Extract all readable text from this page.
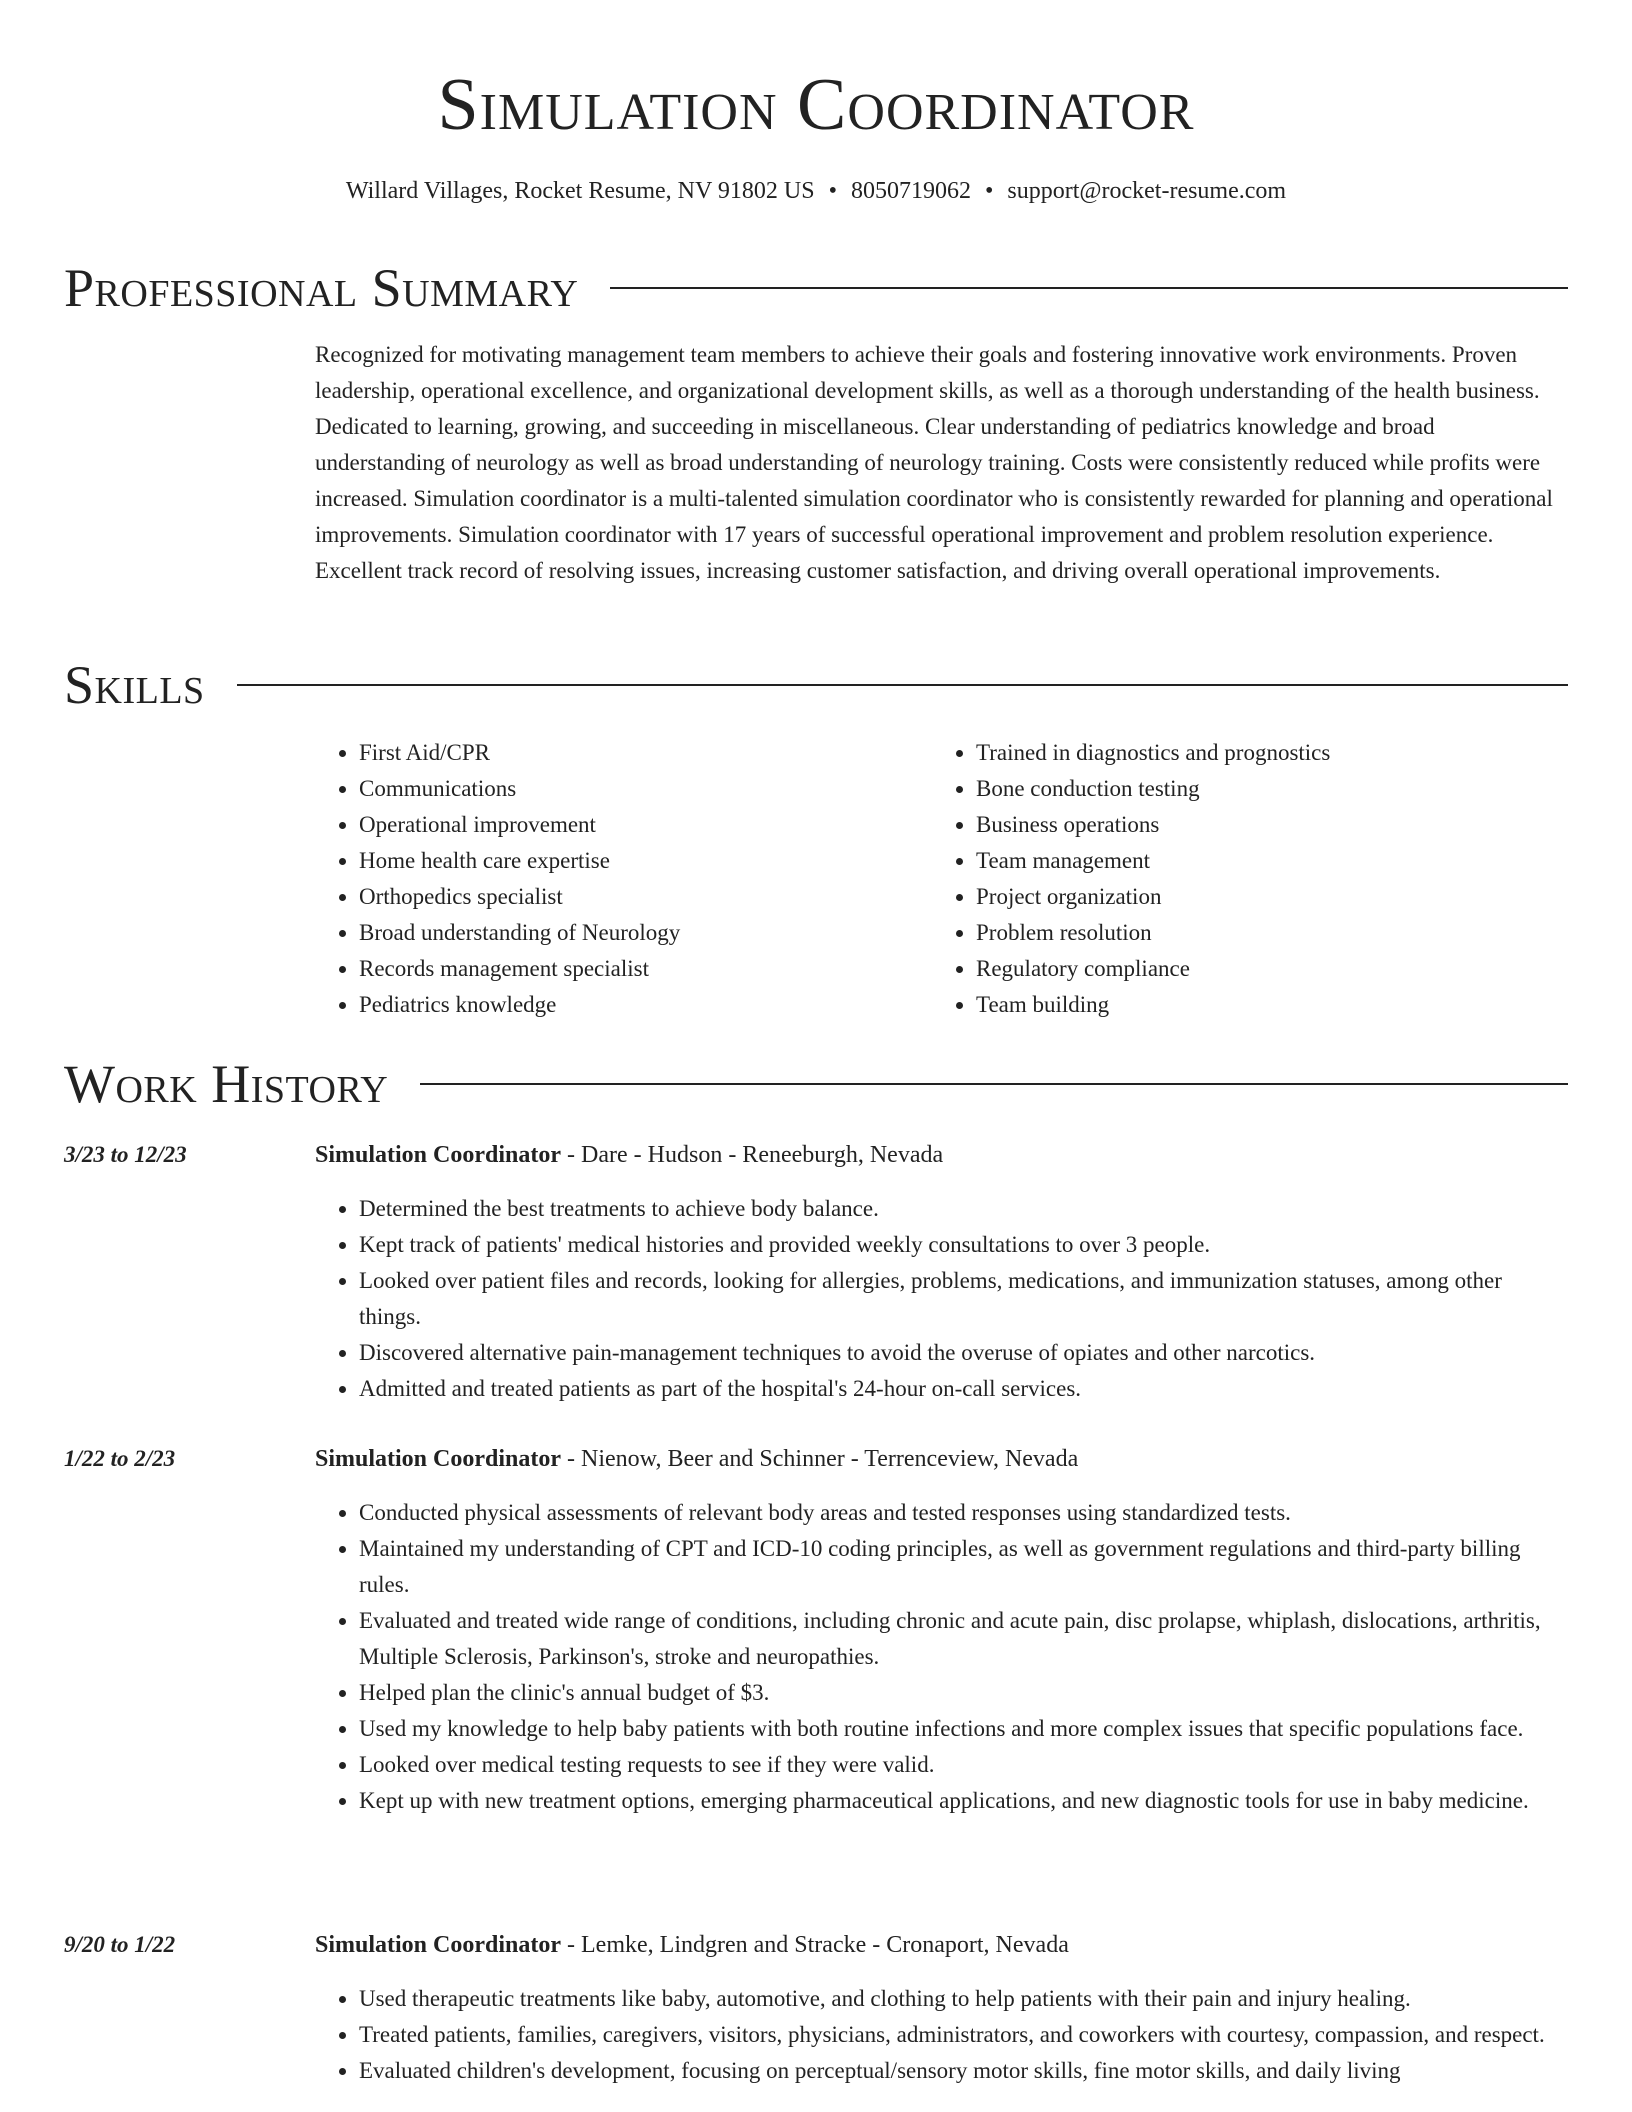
Simulation Coordinator
Willard Villages, Rocket Resume, NV 91802 US • 8050719062 • support@rocket-resume.com
Professional Summary

Recognized for motivating management team members to achieve their goals and fostering innovative work environments. Proven leadership, operational excellence, and organizational development skills, as well as a thorough understanding of the health business. Dedicated to learning, growing, and succeeding in miscellaneous. Clear understanding of pediatrics knowledge and broad understanding of neurology as well as broad understanding of neurology training. Costs were consistently reduced while profits were increased. Simulation coordinator is a multi-talented simulation coordinator who is consistently rewarded for planning and operational improvements. Simulation coordinator with 17 years of successful operational improvement and problem resolution experience. Excellent track record of resolving issues, increasing customer satisfaction, and driving overall operational improvements.

Skills
• First Aid/CPR
• Communications
• Operational improvement
• Home health care expertise
• Orthopedics specialist
• Broad understanding of Neurology
• Records management specialist
• Pediatrics knowledge
• Trained in diagnostics and prognostics
• Bone conduction testing
• Business operations
• Team management
• Project organization
• Problem resolution
• Regulatory compliance
• Team building
Work History
3/23 to 12/23	Simulation Coordinator - Dare - Hudson - Reneeburgh, Nevada
• Determined the best treatments to achieve body balance.
• Kept track of patients' medical histories and provided weekly consultations to over 3 people.
• Looked over patient files and records, looking for allergies, problems, medications, and immunization statuses, among other things.
• Discovered alternative pain-management techniques to avoid the overuse of opiates and other narcotics.
• Admitted and treated patients as part of the hospital's 24-hour on-call services.
1/22 to 2/23	Simulation Coordinator - Nienow, Beer and Schinner - Terrenceview, Nevada
• Conducted physical assessments of relevant body areas and tested responses using standardized tests.
• Maintained my understanding of CPT and ICD-10 coding principles, as well as government regulations and third-party billing rules.
• Evaluated and treated wide range of conditions, including chronic and acute pain, disc prolapse, whiplash, dislocations, arthritis, Multiple Sclerosis, Parkinson's, stroke and neuropathies.
• Helped plan the clinic's annual budget of $3.
• Used my knowledge to help baby patients with both routine infections and more complex issues that specific populations face.
• Looked over medical testing requests to see if they were valid.
• Kept up with new treatment options, emerging pharmaceutical applications, and new diagnostic tools for use in baby medicine.
9/20 to 1/22	Simulation Coordinator - Lemke, Lindgren and Stracke - Cronaport, Nevada
• Used therapeutic treatments like baby, automotive, and clothing to help patients with their pain and injury healing.
• Treated patients, families, caregivers, visitors, physicians, administrators, and coworkers with courtesy, compassion, and respect.
• Evaluated children's development, focusing on perceptual/sensory motor skills, fine motor skills, and daily living
